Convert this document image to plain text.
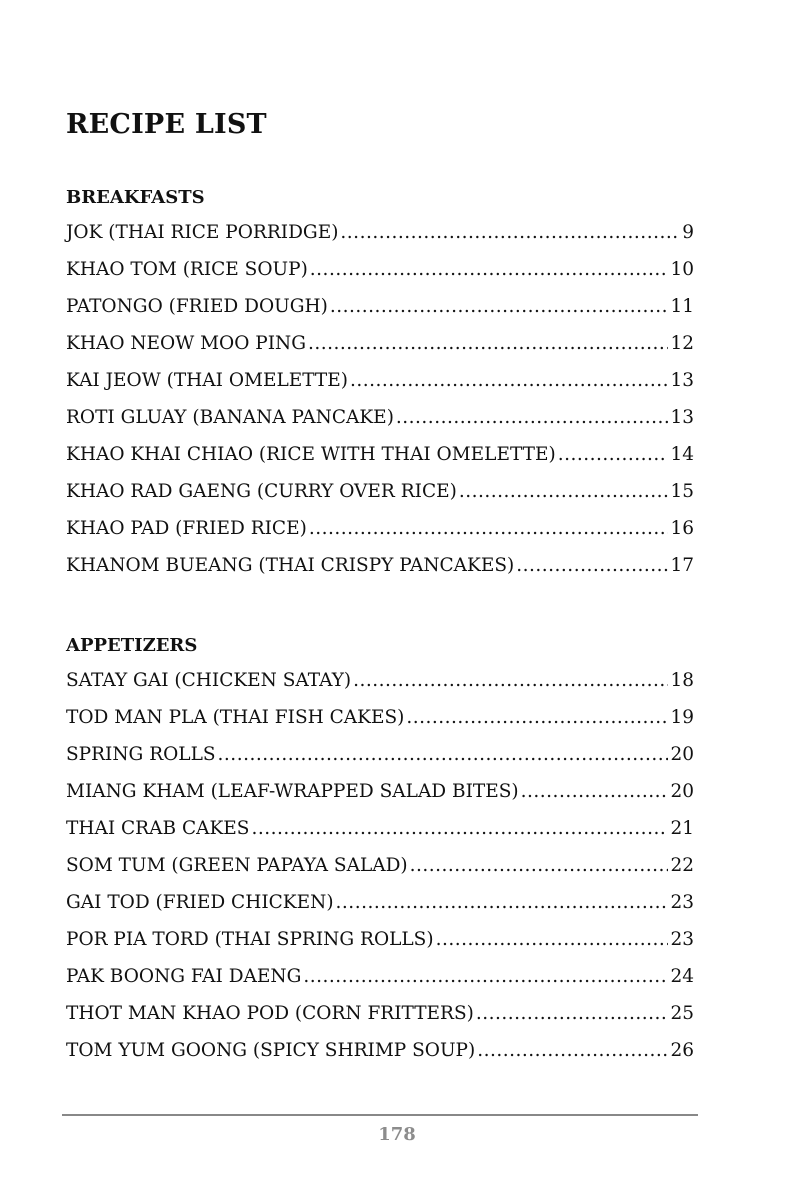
RECIPE LIST
BREAKFASTS
JOK (THAI RICE PORRIDGE) .....	9
KHAO TOM (RICE SOUP) .....	10
PATONGO (FRIED DOUGH) .....	11
KHAO NEOW MOO PING .....	12
KAI JEOW (THAI OMELETTE) .....	13
ROTI GLUAY (BANANA PANCAKE) .....	13
KHAO KHAI CHIAO (RICE WITH THAI OMELETTE) .....	14
KHAO RAD GAENG (CURRY OVER RICE) .....	15
KHAO PAD (FRIED RICE) .....	16
KHANOM BUEANG (THAI CRISPY PANCAKES) .....	17
APPETIZERS
SATAY GAI (CHICKEN SATAY) .....	18
TOD MAN PLA (THAI FISH CAKES) .....	19
SPRING ROLLS .....	20
MIANG KHAM (LEAF-WRAPPED SALAD BITES) .....	20
THAI CRAB CAKES .....	21
SOM TUM (GREEN PAPAYA SALAD) .....	22
GAI TOD (FRIED CHICKEN) .....	23
POR PIA TORD (THAI SPRING ROLLS) .....	23
PAK BOONG FAI DAENG .....	24
THOT MAN KHAO POD (CORN FRITTERS) .....	25
TOM YUM GOONG (SPICY SHRIMP SOUP) .....	26
178
